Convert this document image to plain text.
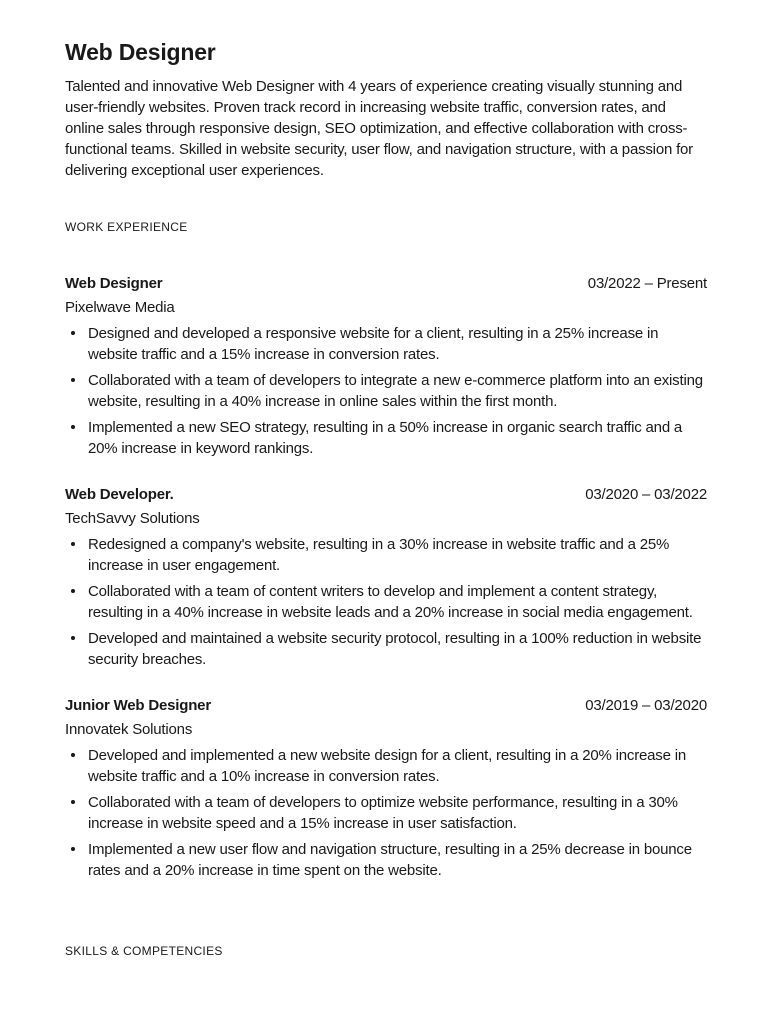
Web Designer

Talented and innovative Web Designer with 4 years of experience creating visually stunning and user-friendly websites. Proven track record in increasing website traffic, conversion rates, and online sales through responsive design, SEO optimization, and effective collaboration with cross-functional teams. Skilled in website security, user flow, and navigation structure, with a passion for delivering exceptional user experiences.

WORK EXPERIENCE
Web Designer	03/2022 – Present
Pixelwave Media
Designed and developed a responsive website for a client, resulting in a 25% increase in website traffic and a 15% increase in conversion rates.
Collaborated with a team of developers to integrate a new e-commerce platform into an existing website, resulting in a 40% increase in online sales within the first month.
Implemented a new SEO strategy, resulting in a 50% increase in organic search traffic and a 20% increase in keyword rankings.
Web Developer.	03/2020 – 03/2022
TechSavvy Solutions
Redesigned a company's website, resulting in a 30% increase in website traffic and a 25% increase in user engagement.
Collaborated with a team of content writers to develop and implement a content strategy, resulting in a 40% increase in website leads and a 20% increase in social media engagement.
Developed and maintained a website security protocol, resulting in a 100% reduction in website security breaches.
Junior Web Designer	03/2019 – 03/2020
Innovatek Solutions
Developed and implemented a new website design for a client, resulting in a 20% increase in website traffic and a 10% increase in conversion rates.
Collaborated with a team of developers to optimize website performance, resulting in a 30% increase in website speed and a 15% increase in user satisfaction.
Implemented a new user flow and navigation structure, resulting in a 25% decrease in bounce rates and a 20% increase in time spent on the website.
SKILLS & COMPETENCIES
